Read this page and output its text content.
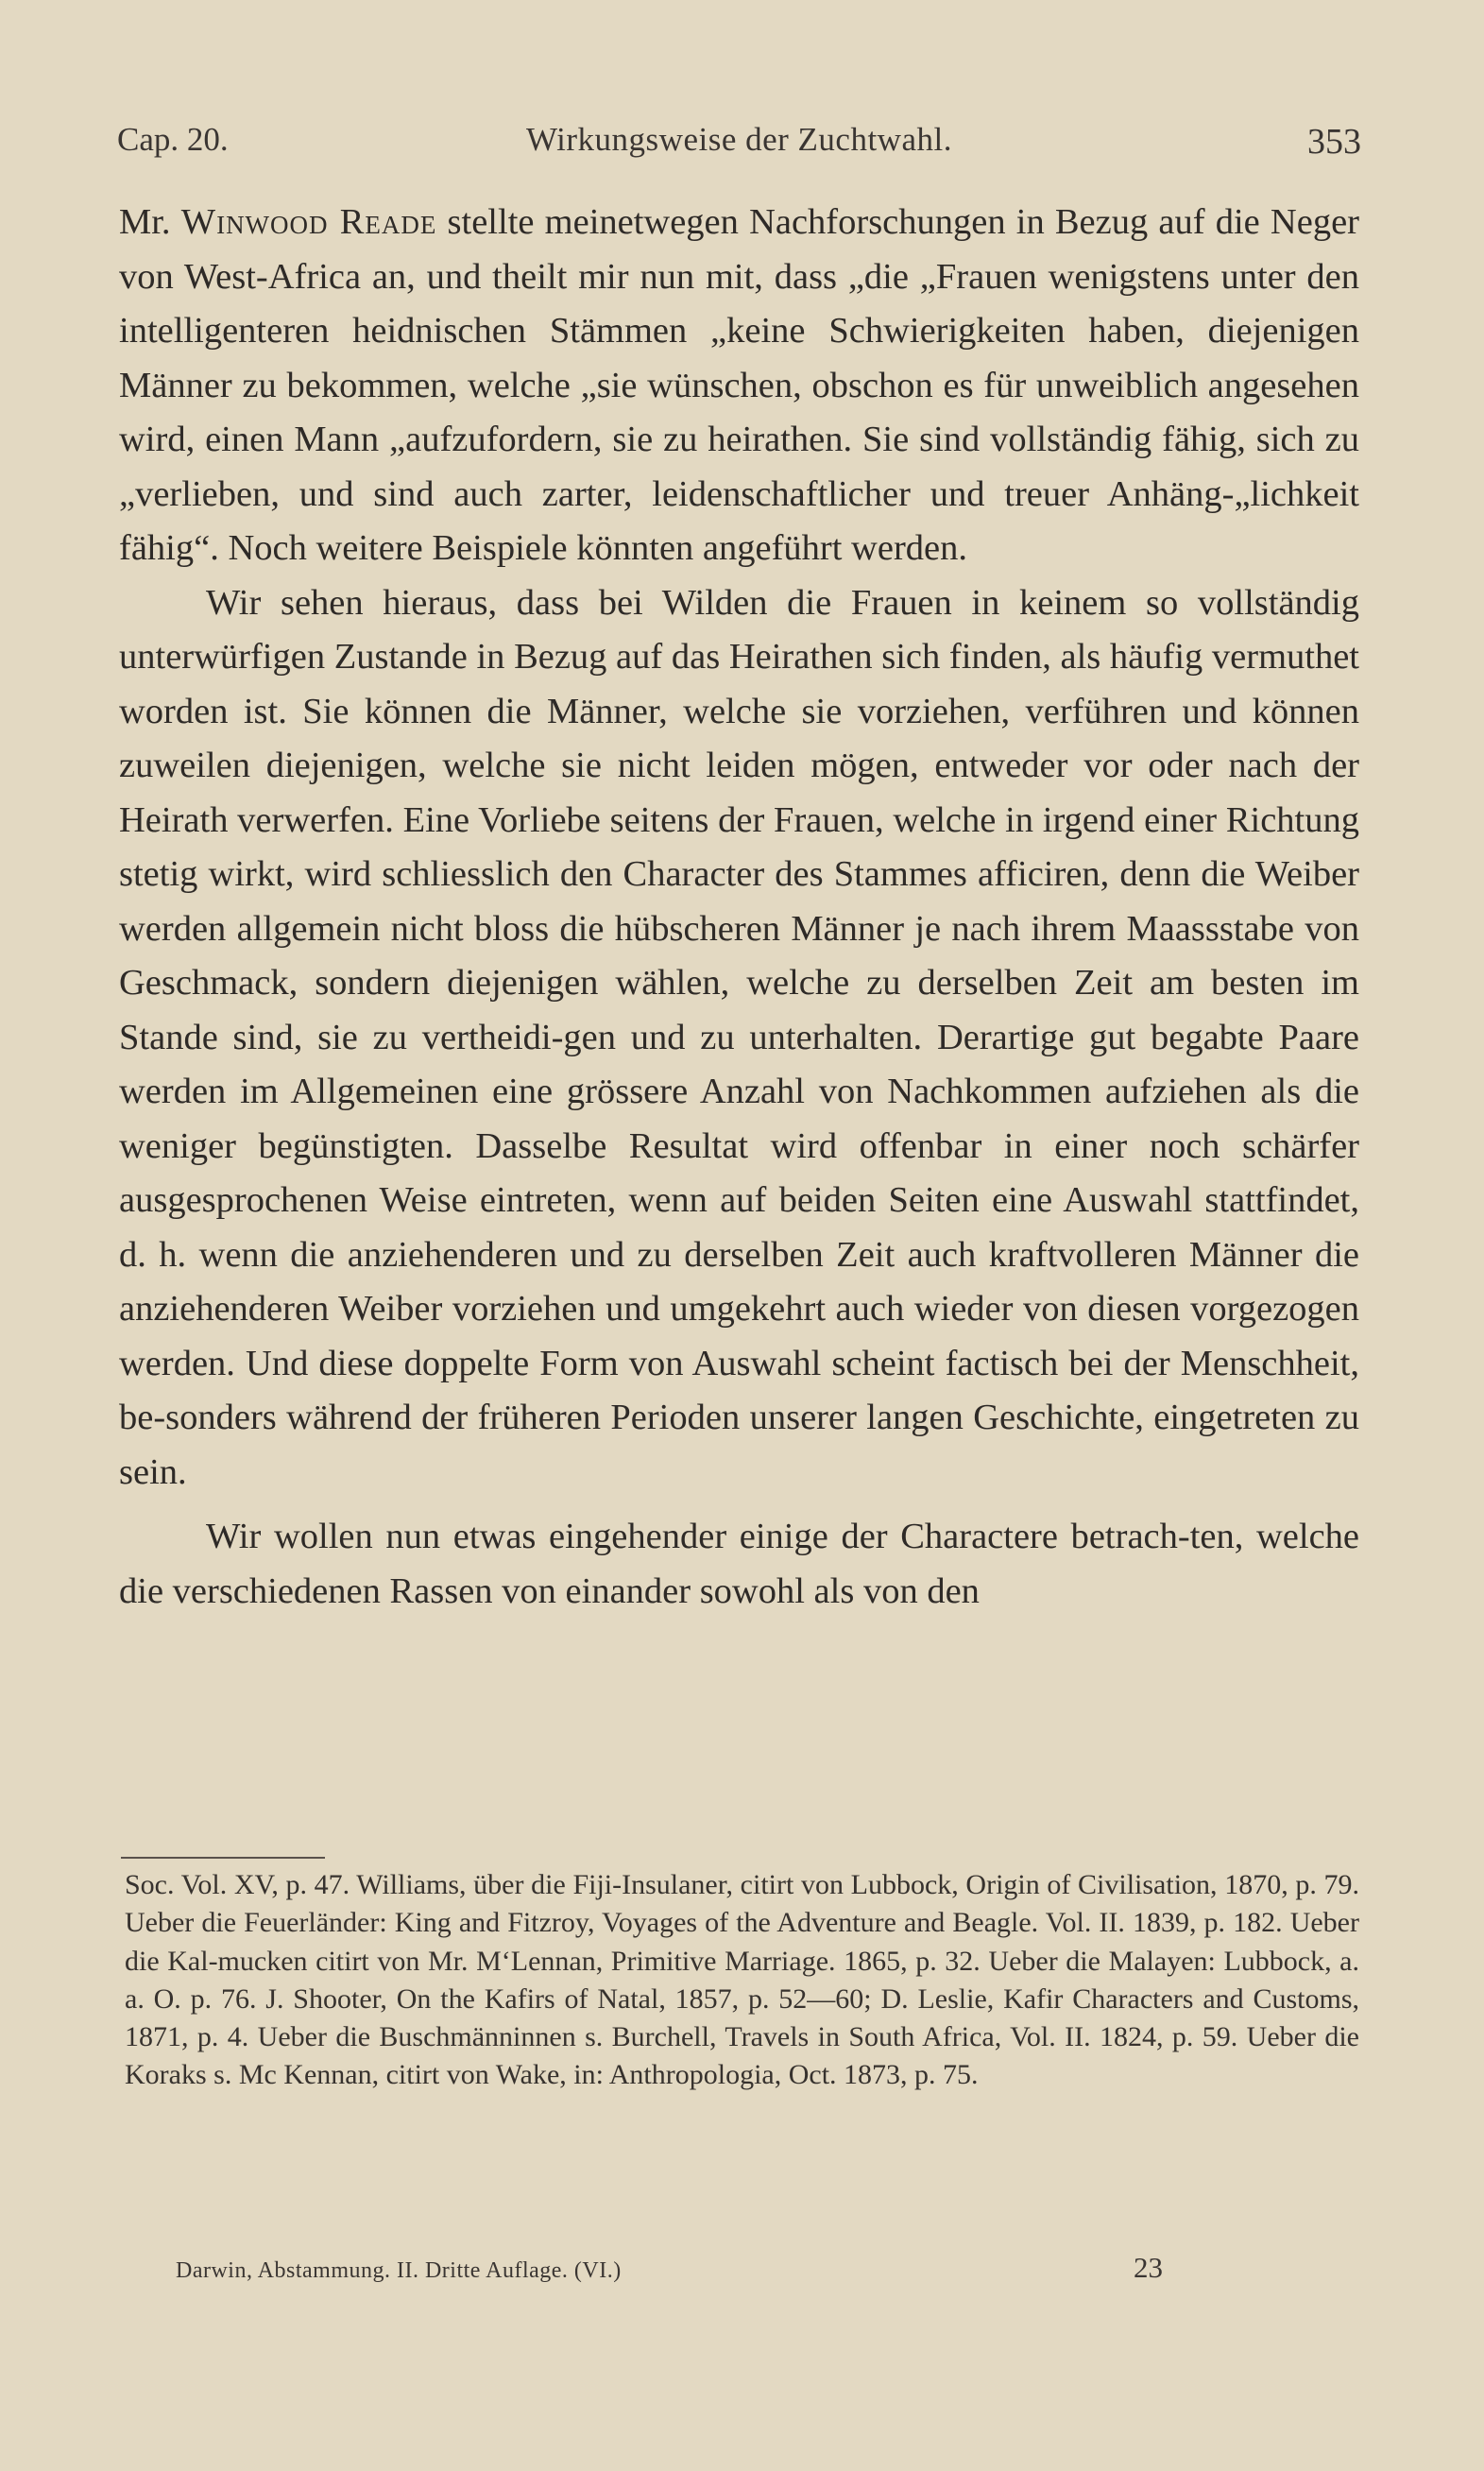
Cap. 20.	Wirkungsweise der Zuchtwahl.	353

Mr. Winwood Reade stellte meinetwegen Nachforschungen in Bezug auf die Neger von West-Africa an, und theilt mir nun mit, dass „die „Frauen wenigstens unter den intelligenteren heidnischen Stämmen „keine Schwierigkeiten haben, diejenigen Männer zu bekommen, welche „sie wünschen, obschon es für unweiblich angesehen wird, einen Mann „aufzufordern, sie zu heirathen. Sie sind vollständig fähig, sich zu „verlieben, und sind auch zarter, leidenschaftlicher und treuer Anhäng-„lichkeit fähig“. Noch weitere Beispiele könnten angeführt werden.

Wir sehen hieraus, dass bei Wilden die Frauen in keinem so vollständig unterwürfigen Zustande in Bezug auf das Heirathen sich finden, als häufig vermuthet worden ist. Sie können die Männer, welche sie vorziehen, verführen und können zuweilen diejenigen, welche sie nicht leiden mögen, entweder vor oder nach der Heirath verwerfen. Eine Vorliebe seitens der Frauen, welche in irgend einer Richtung stetig wirkt, wird schliesslich den Character des Stammes afficiren, denn die Weiber werden allgemein nicht bloss die hübscheren Männer je nach ihrem Maassstabe von Geschmack, sondern diejenigen wählen, welche zu derselben Zeit am besten im Stande sind, sie zu vertheidi-gen und zu unterhalten. Derartige gut begabte Paare werden im Allgemeinen eine grössere Anzahl von Nachkommen aufziehen als die weniger begünstigten. Dasselbe Resultat wird offenbar in einer noch schärfer ausgesprochenen Weise eintreten, wenn auf beiden Seiten eine Auswahl stattfindet, d. h. wenn die anziehenderen und zu derselben Zeit auch kraftvolleren Männer die anziehenderen Weiber vorziehen und umgekehrt auch wieder von diesen vorgezogen werden. Und diese doppelte Form von Auswahl scheint factisch bei der Menschheit, be-sonders während der früheren Perioden unserer langen Geschichte, eingetreten zu sein.

Wir wollen nun etwas eingehender einige der Charactere betrach-ten, welche die verschiedenen Rassen von einander sowohl als von den

Soc. Vol. XV, p. 47. Williams, über die Fiji-Insulaner, citirt von Lubbock, Origin of Civilisation, 1870, p. 79. Ueber die Feuerländer: King and Fitzroy, Voyages of the Adventure and Beagle. Vol. II. 1839, p. 182. Ueber die Kal-mucken citirt von Mr. M‘Lennan, Primitive Marriage. 1865, p. 32. Ueber die Malayen: Lubbock, a. a. O. p. 76. J. Shooter, On the Kafirs of Natal, 1857, p. 52—60; D. Leslie, Kafir Characters and Customs, 1871, p. 4. Ueber die Buschmänninnen s. Burchell, Travels in South Africa, Vol. II. 1824, p. 59. Ueber die Koraks s. Mc Kennan, citirt von Wake, in: Anthropologia, Oct. 1873, p. 75.

Darwin, Abstammung. II. Dritte Auflage. (VI.)	23
